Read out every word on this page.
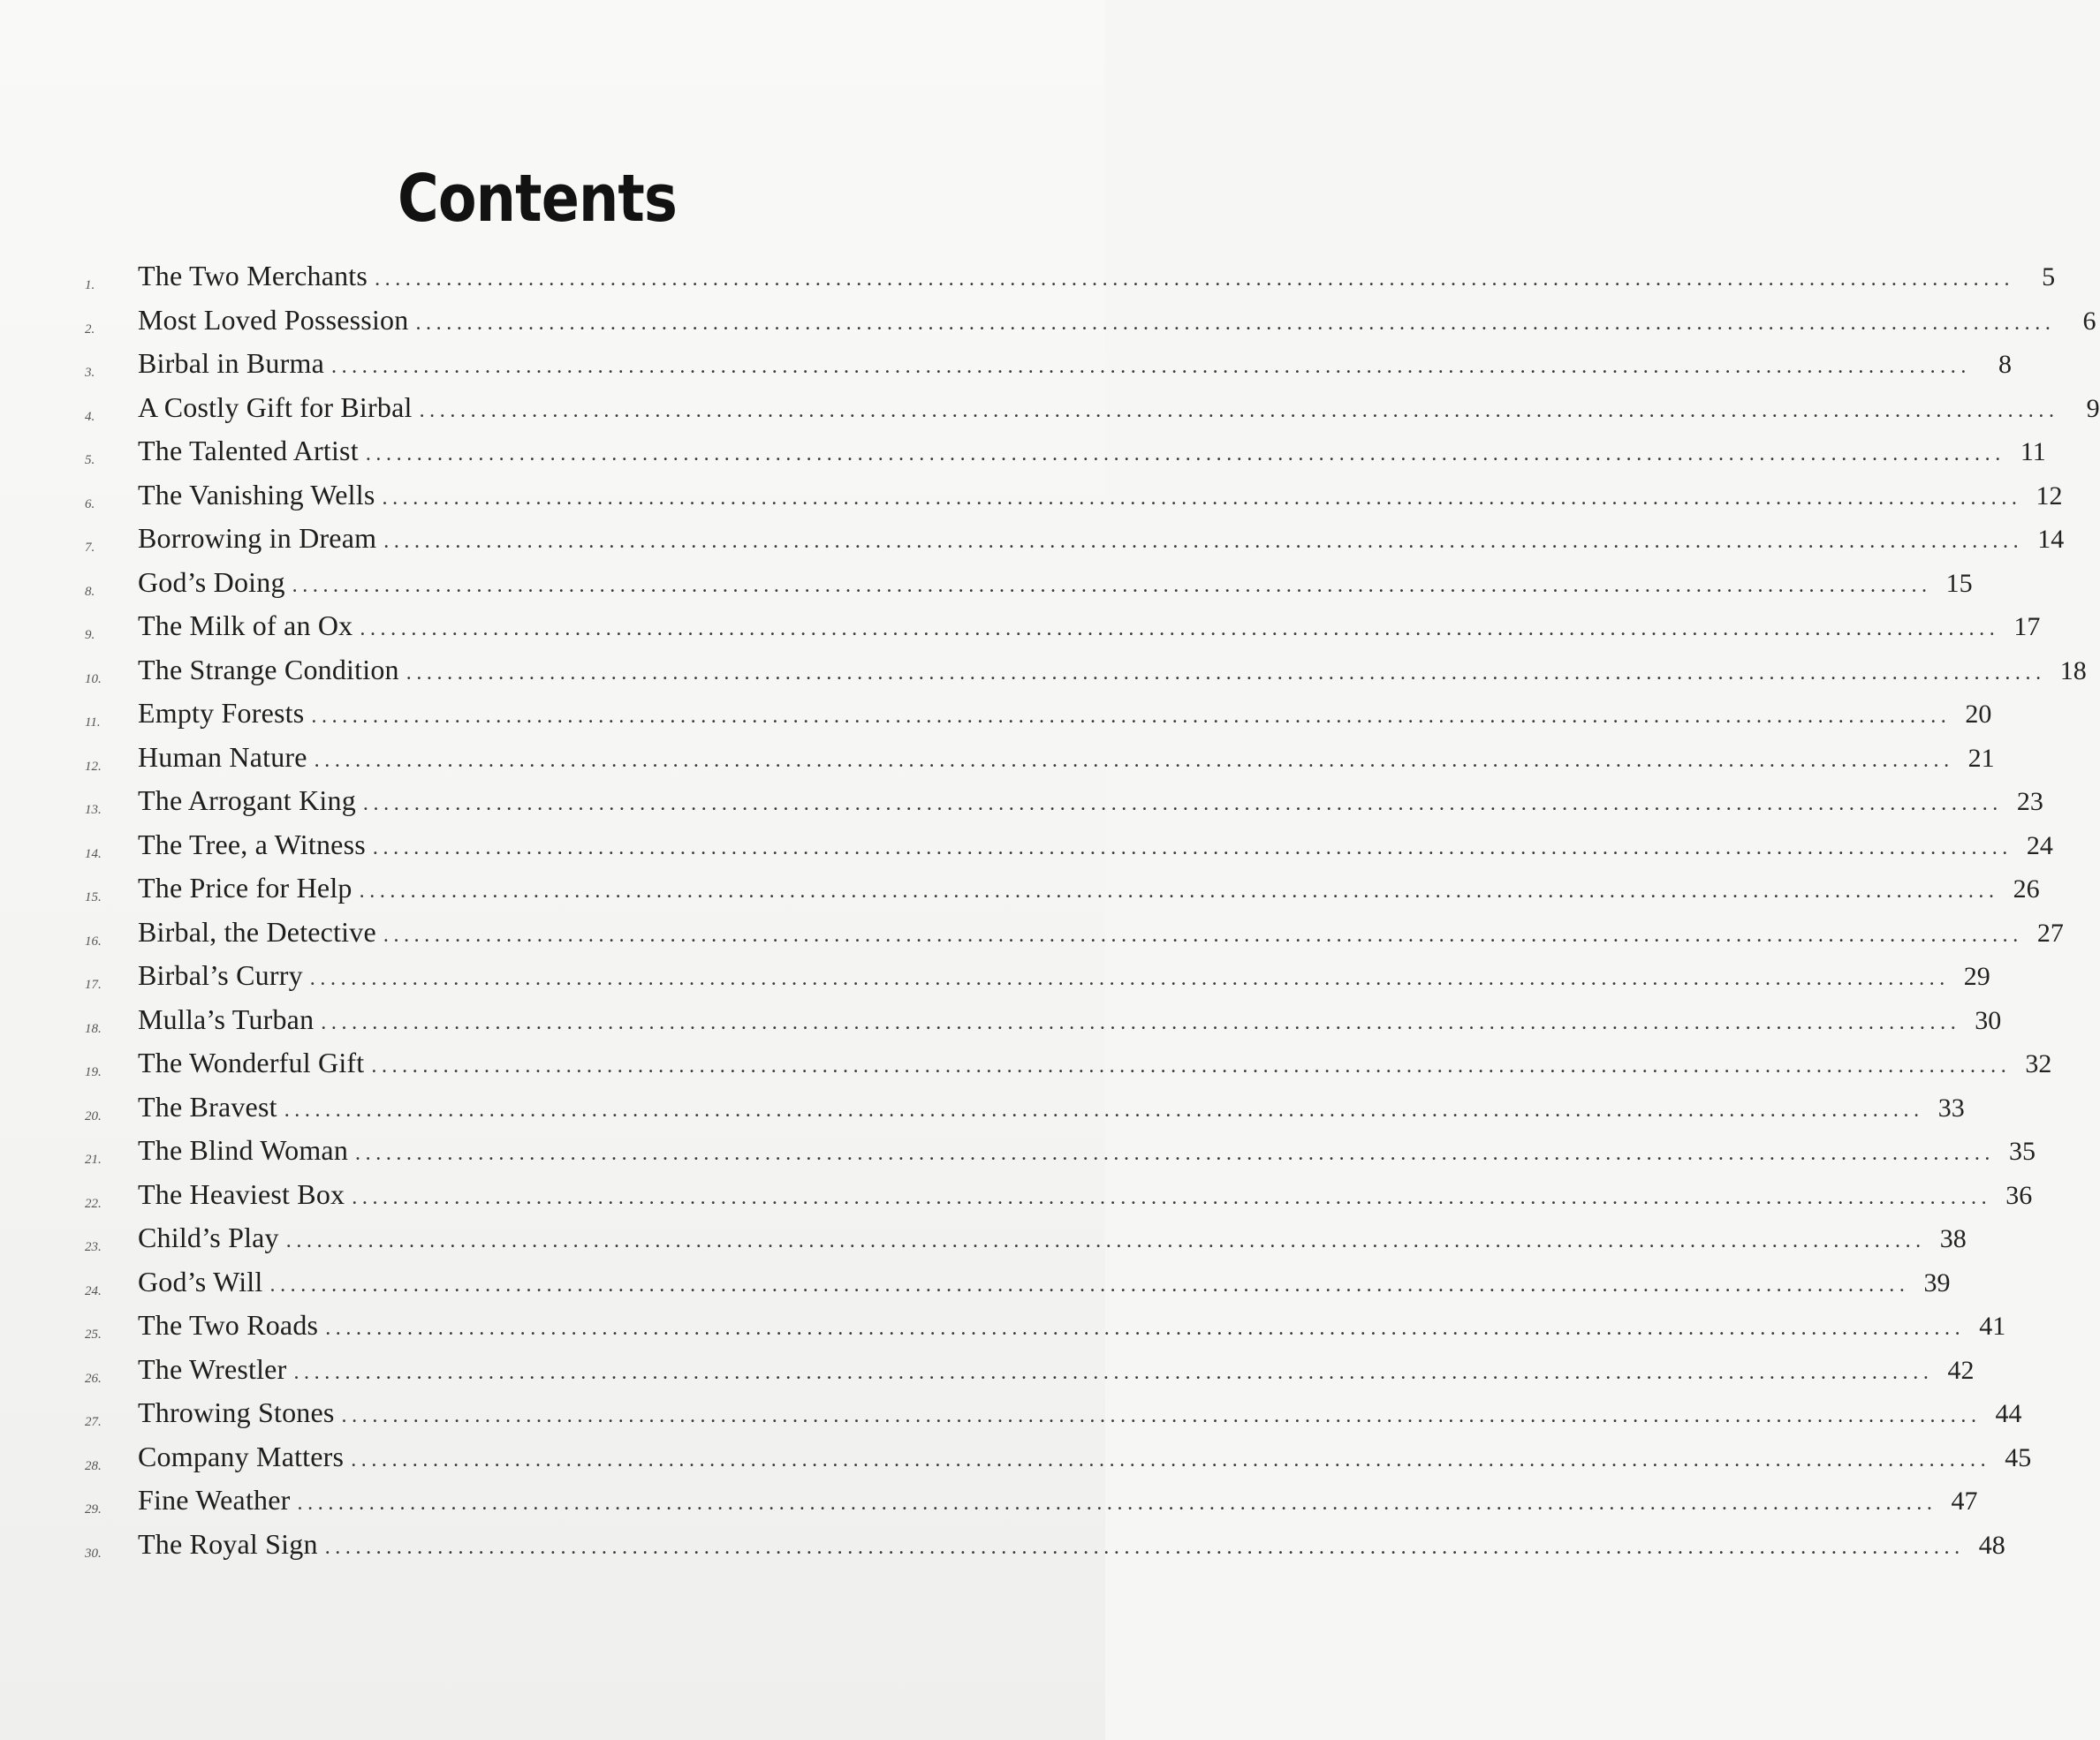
Contents
1.	The Two Merchants ................................................................................................................................................................	5
2.	Most Loved Possession ................................................................................................................................................................	6
3.	Birbal in Burma ................................................................................................................................................................	8
4.	A Costly Gift for Birbal ................................................................................................................................................................	9
5.	The Talented Artist ................................................................................................................................................................ 11
6.	The Vanishing Wells ................................................................................................................................................................ 12
7.	Borrowing in Dream ................................................................................................................................................................ 14
8.	God’s Doing ................................................................................................................................................................ 15
9.	The Milk of an Ox ................................................................................................................................................................ 17
10.	The Strange Condition ................................................................................................................................................................ 18
11.	Empty Forests ................................................................................................................................................................ 20
12.	Human Nature ................................................................................................................................................................ 21
13.	The Arrogant King ................................................................................................................................................................ 23
14.	The Tree, a Witness ................................................................................................................................................................ 24
15.	The Price for Help ................................................................................................................................................................ 26
16.	Birbal, the Detective ................................................................................................................................................................ 27
17.	Birbal’s Curry ................................................................................................................................................................ 29
18.	Mulla’s Turban ................................................................................................................................................................ 30
19.	The Wonderful Gift ................................................................................................................................................................ 32
20.	The Bravest ................................................................................................................................................................ 33
21.	The Blind Woman ................................................................................................................................................................ 35
22.	The Heaviest Box ................................................................................................................................................................ 36
23.	Child’s Play ................................................................................................................................................................ 38
24.	God’s Will ................................................................................................................................................................ 39
25.	The Two Roads ................................................................................................................................................................ 41
26.	The Wrestler ................................................................................................................................................................ 42
27.	Throwing Stones ................................................................................................................................................................ 44
28.	Company Matters ................................................................................................................................................................ 45
29.	Fine Weather ................................................................................................................................................................ 47
30.	The Royal Sign ................................................................................................................................................................ 48
